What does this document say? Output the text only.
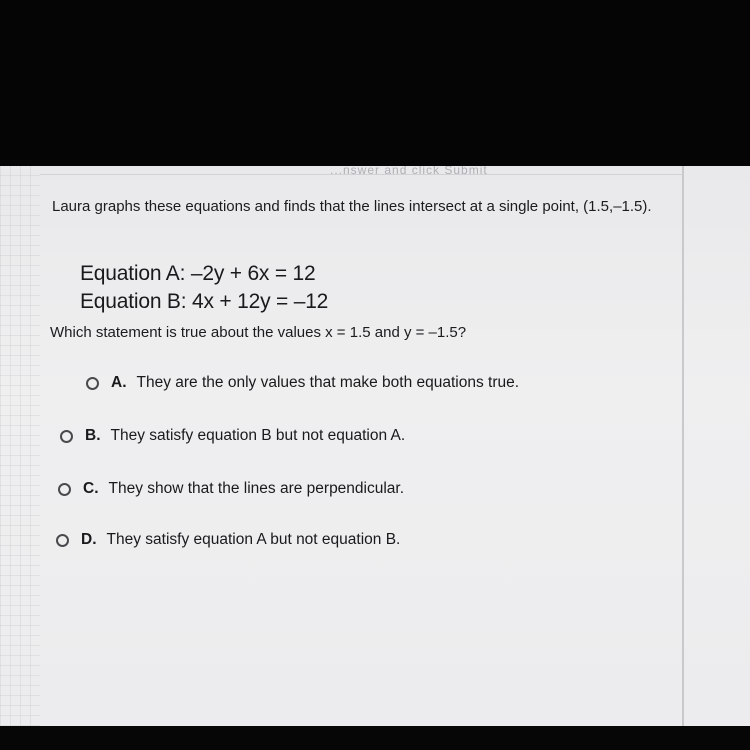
...nswer and click Submit
Laura graphs these equations and finds that the lines intersect at a single point, (1.5,–1.5).
Equation A: –2y + 6x = 12
Equation B: 4x + 12y = –12
Which statement is true about the values x = 1.5 and y = –1.5?
A. They are the only values that make both equations true.
B. They satisfy equation B but not equation A.
C. They show that the lines are perpendicular.
D. They satisfy equation A but not equation B.
